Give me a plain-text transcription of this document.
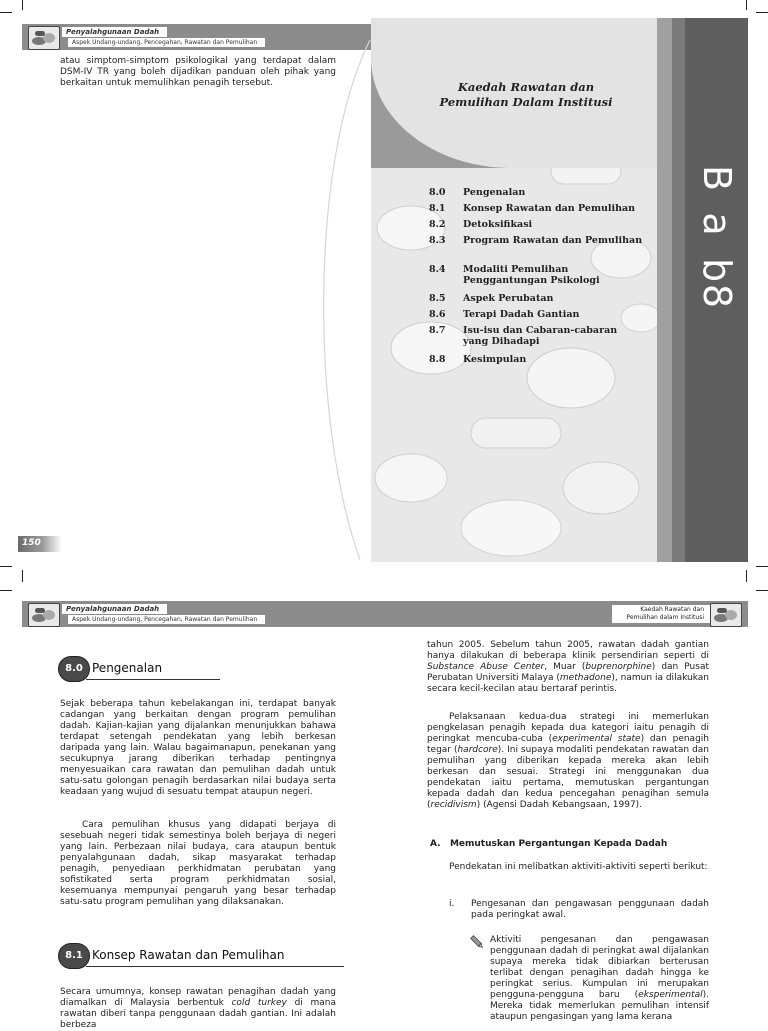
Penyalahgunaan Dadah
Aspek Undang-undang, Pencegahan, Rawatan dan Pemulihan

atau simptom-simptom psikologikal yang terdapat dalam DSM-IV TR yang boleh dijadikan panduan oleh pihak yang berkaitan untuk memulihkan penagih tersebut.	Kaedah Rawatan dan
Pemulihan Dalam Institusi
B
a
b
8
8.0	Pengenalan
8.1	Konsep Rawatan dan Pemulihan
8.2	Detoksifikasi
8.3	Program Rawatan dan Pemulihan
8.4	Modaliti Pemulihan Penggantungan Psikologi
8.5	Aspek Perubatan
8.6	Terapi Dadah Gantian
8.7	Isu-isu dan Cabaran-cabaran yang Dihadapi
8.8	Kesimpulan
150
Penyalahgunaan Dadah
Aspek Undang-undang, Pencegahan, Rawatan dan Pemulihan
Kaedah Rawatan dan
Pemulihan dalam Institusi
8.0 Pengenalan

Sejak beberapa tahun kebelakangan ini, terdapat banyak cadangan yang berkaitan dengan program pemulihan dadah. Kajian-kajian yang dijalankan menunjukkan bahawa terdapat setengah pendekatan yang lebih berkesan daripada yang lain. Walau bagaimanapun, penekanan yang secukupnya jarang diberikan terhadap pentingnya menyesuaikan cara rawatan dan pemulihan dadah untuk satu-satu golongan penagih berdasarkan nilai budaya serta keadaan yang wujud di sesuatu tempat ataupun negeri.

Cara pemulihan khusus yang didapati berjaya di sesebuah negeri tidak semestinya boleh berjaya di negeri yang lain. Perbezaan nilai budaya, cara ataupun bentuk penyalahgunaan dadah, sikap masyarakat terhadap penagih, penyediaan perkhidmatan perubatan yang sofistikated serta program perkhidmatan sosial, kesemuanya mempunyai pengaruh yang besar terhadap satu-satu program pemulihan yang dilaksanakan.

8.1 Konsep Rawatan dan Pemulihan

Secara umumnya, konsep rawatan penagihan dadah yang diamalkan di Malaysia berbentuk cold turkey di mana rawatan diberi tanpa penggunaan dadah gantian. Ini adalah berbeza

tahun 2005. Sebelum tahun 2005, rawatan dadah gantian hanya dilakukan di beberapa klinik persendirian seperti di Substance Abuse Center, Muar (buprenorphine) dan Pusat Perubatan Universiti Malaya (methadone), namun ia dilakukan secara kecil-kecilan atau bertaraf perintis.

Pelaksanaan kedua-dua strategi ini memerlukan pengkelasan penagih kepada dua kategori iaitu penagih di peringkat mencuba-cuba (experimental state) dan penagih tegar (hardcore). Ini supaya modaliti pendekatan rawatan dan pemulihan yang diberikan kepada mereka akan lebih berkesan dan sesuai. Strategi ini menggunakan dua pendekatan iaitu pertama, memutuskan pergantungan kepada dadah dan kedua pencegahan penagihan semula (recidivism) (Agensi Dadah Kebangsaan, 1997).

A.   Memutuskan Pergantungan Kepada Dadah

Pendekatan ini melibatkan aktiviti-aktiviti seperti berikut:

i. Pengesanan dan pengawasan penggunaan dadah pada peringkat awal.

Aktiviti pengesanan dan pengawasan penggunaan dadah di peringkat awal dijalankan supaya mereka tidak dibiarkan berterusan terlibat dengan penagihan dadah hingga ke peringkat serius. Kumpulan ini merupakan pengguna-pengguna baru (eksperimental). Mereka tidak memerlukan pemulihan intensif ataupun pengasingan yang lama kerana
